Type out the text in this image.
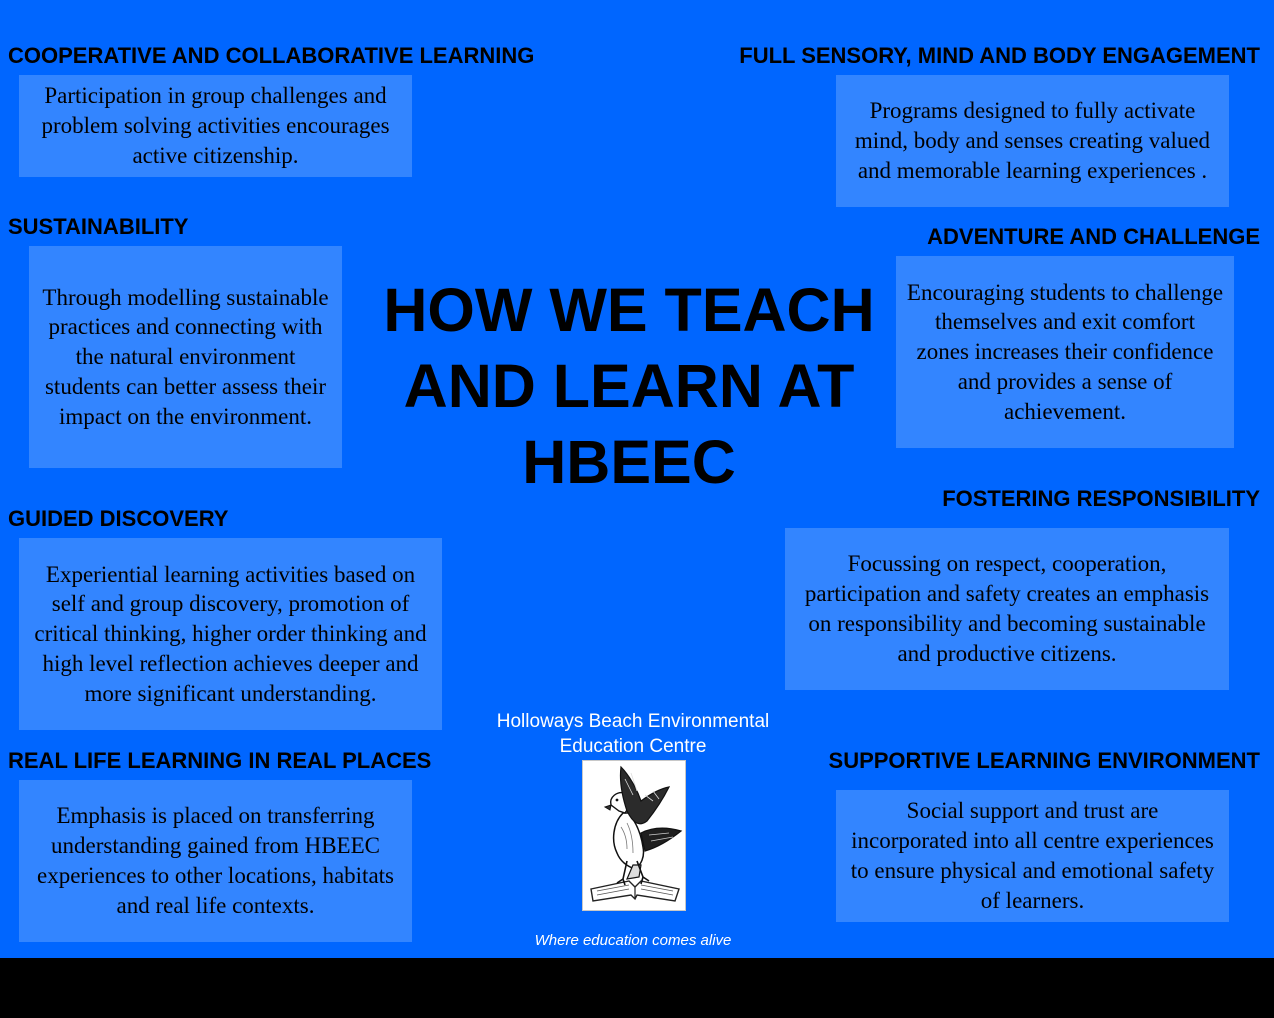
COOPERATIVE AND COLLABORATIVE LEARNING
Participation in group challenges and problem solving activities encourages active citizenship.
FULL SENSORY, MIND AND BODY ENGAGEMENT
Programs designed to fully activate mind, body and senses creating valued and memorable learning experiences .
SUSTAINABILITY
Through modelling sustainable practices and connecting with the natural environment students can better assess their impact on the environment.
ADVENTURE AND CHALLENGE
Encouraging students to challenge themselves and exit comfort zones increases their confidence and provides a sense of achievement.
GUIDED DISCOVERY
Experiential learning activities based on self and group discovery, promotion of critical thinking, higher order thinking and high level reflection achieves deeper and more significant understanding.
FOSTERING RESPONSIBILITY
Focussing on respect, cooperation, participation and safety creates an emphasis on responsibility and becoming sustainable and productive citizens.
REAL LIFE LEARNING IN REAL PLACES
Emphasis is placed on transferring understanding gained from HBEEC experiences to other locations, habitats and real life contexts.
SUPPORTIVE LEARNING ENVIRONMENT
Social support and trust are incorporated into all centre experiences to ensure physical and emotional safety of learners.
HOW WE TEACH AND LEARN AT HBEEC
Holloways Beach Environmental Education Centre
Where education comes alive
